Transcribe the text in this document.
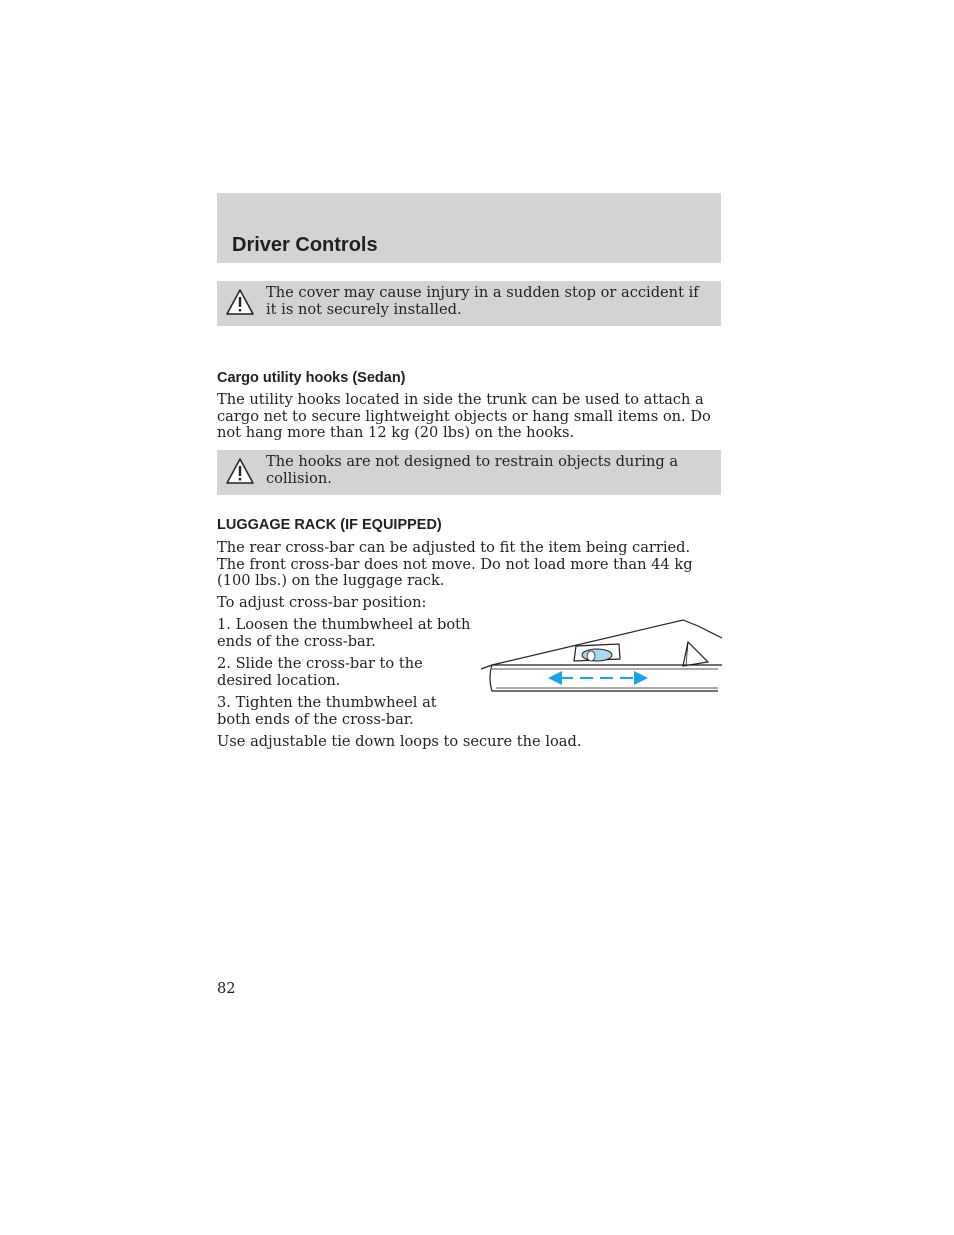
Driver Controls
The cover may cause injury in a sudden stop or accident if it is not securely installed.
Cargo utility hooks (Sedan)

The utility hooks located in side the trunk can be used to attach a cargo net to secure lightweight objects or hang small items on. Do not hang more than 12 kg (20 lbs) on the hooks.

The hooks are not designed to restrain objects during a collision.
LUGGAGE RACK (IF EQUIPPED)

The rear cross-bar can be adjusted to fit the item being carried. The front cross-bar does not move. Do not load more than 44 kg (100 lbs.) on the luggage rack.

To adjust cross-bar position:

1. Loosen the thumbwheel at both ends of the cross-bar.

2. Slide the cross-bar to the desired location.

3. Tighten the thumbwheel at both ends of the cross-bar.

Use adjustable tie down loops to secure the load.

82
